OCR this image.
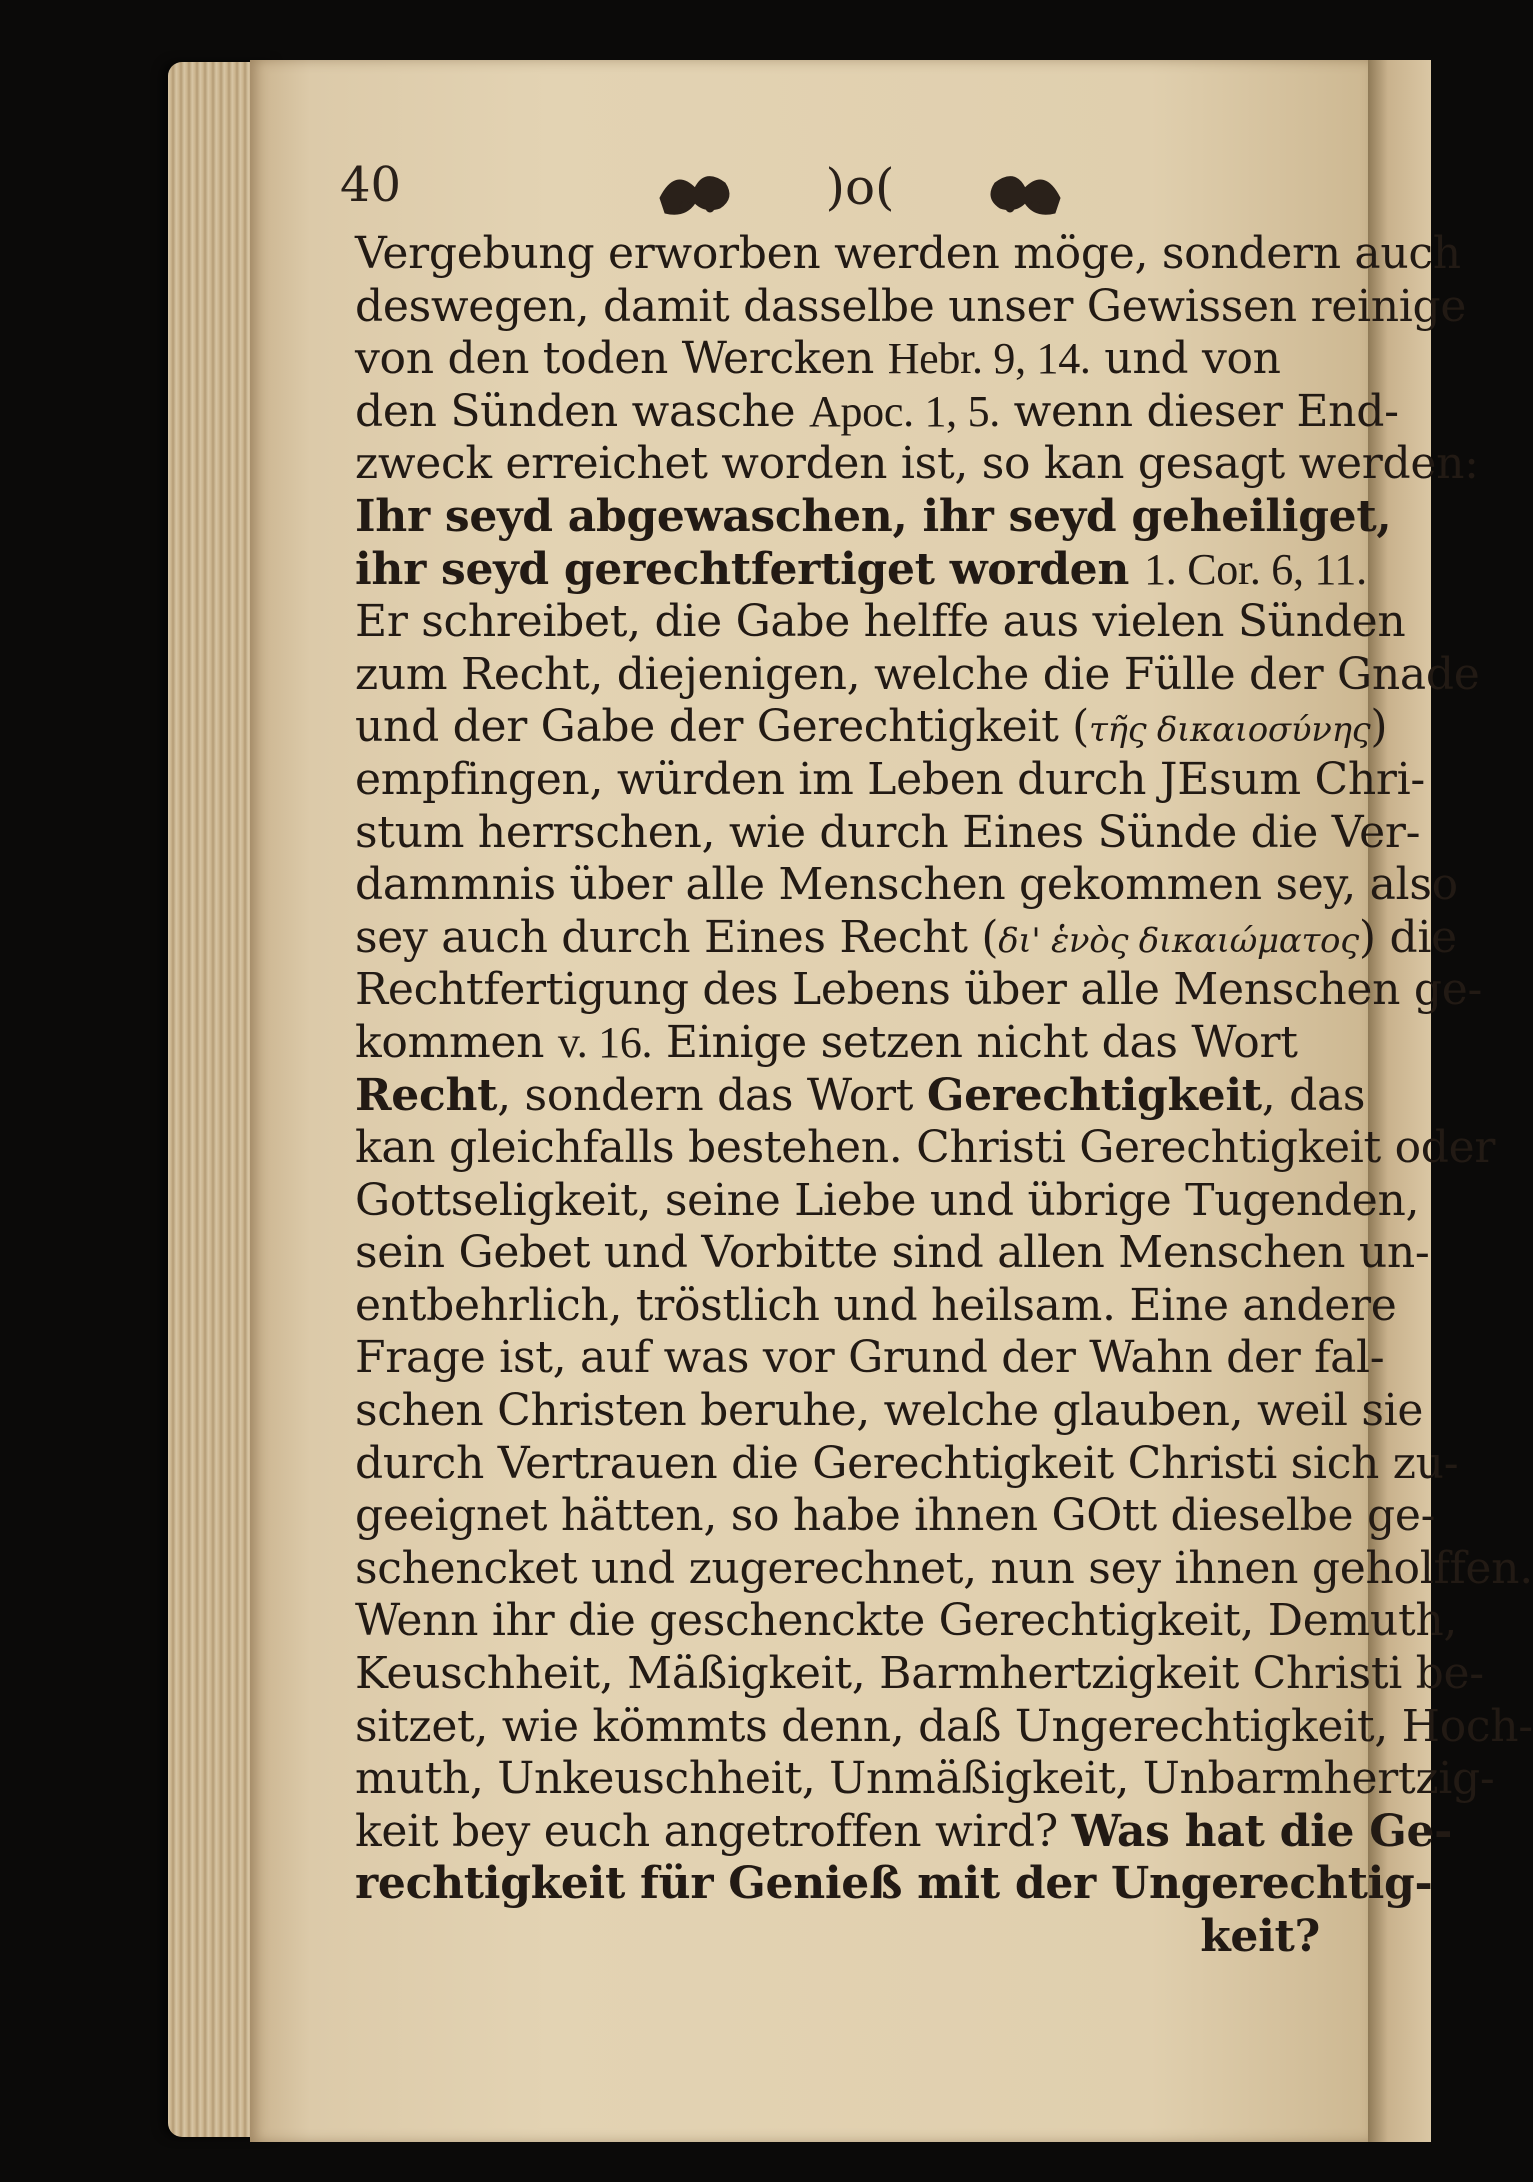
40	)o(
Vergebung erworben werden möge, sondern auch
deswegen, damit dasselbe unser Gewissen reinige
von den toden Wercken Hebr. 9, 14. und von
den Sünden wasche Apoc. 1, 5. wenn dieser End-
zweck erreichet worden ist, so kan gesagt werden:
Ihr seyd abgewaschen, ihr seyd geheiliget,
ihr seyd gerechtfertiget worden 1. Cor. 6, 11.
Er schreibet, die Gabe helffe aus vielen Sünden
zum Recht, diejenigen, welche die Fülle der Gnade
und der Gabe der Gerechtigkeit (τῆς δικαιοσύνης)
empfingen, würden im Leben durch JEsum Chri-
stum herrschen, wie durch Eines Sünde die Ver-
dammnis über alle Menschen gekommen sey, also
sey auch durch Eines Recht (δι' ἑνὸς δικαιώματος) die
Rechtfertigung des Lebens über alle Menschen ge-
kommen v. 16. Einige setzen nicht das Wort
Recht, sondern das Wort Gerechtigkeit, das
kan gleichfalls bestehen. Christi Gerechtigkeit oder
Gottseligkeit, seine Liebe und übrige Tugenden,
sein Gebet und Vorbitte sind allen Menschen un-
entbehrlich, tröstlich und heilsam. Eine andere
Frage ist, auf was vor Grund der Wahn der fal-
schen Christen beruhe, welche glauben, weil sie
durch Vertrauen die Gerechtigkeit Christi sich zu-
geeignet hätten, so habe ihnen GOtt dieselbe ge-
schencket und zugerechnet, nun sey ihnen geholffen.
Wenn ihr die geschenckte Gerechtigkeit, Demuth,
Keuschheit, Mäßigkeit, Barmhertzigkeit Christi be-
sitzet, wie kömmts denn, daß Ungerechtigkeit, Hoch-
muth, Unkeuschheit, Unmäßigkeit, Unbarmhertzig-
keit bey euch angetroffen wird? Was hat die Ge-
rechtigkeit für Genieß mit der Ungerechtig-
keit?
